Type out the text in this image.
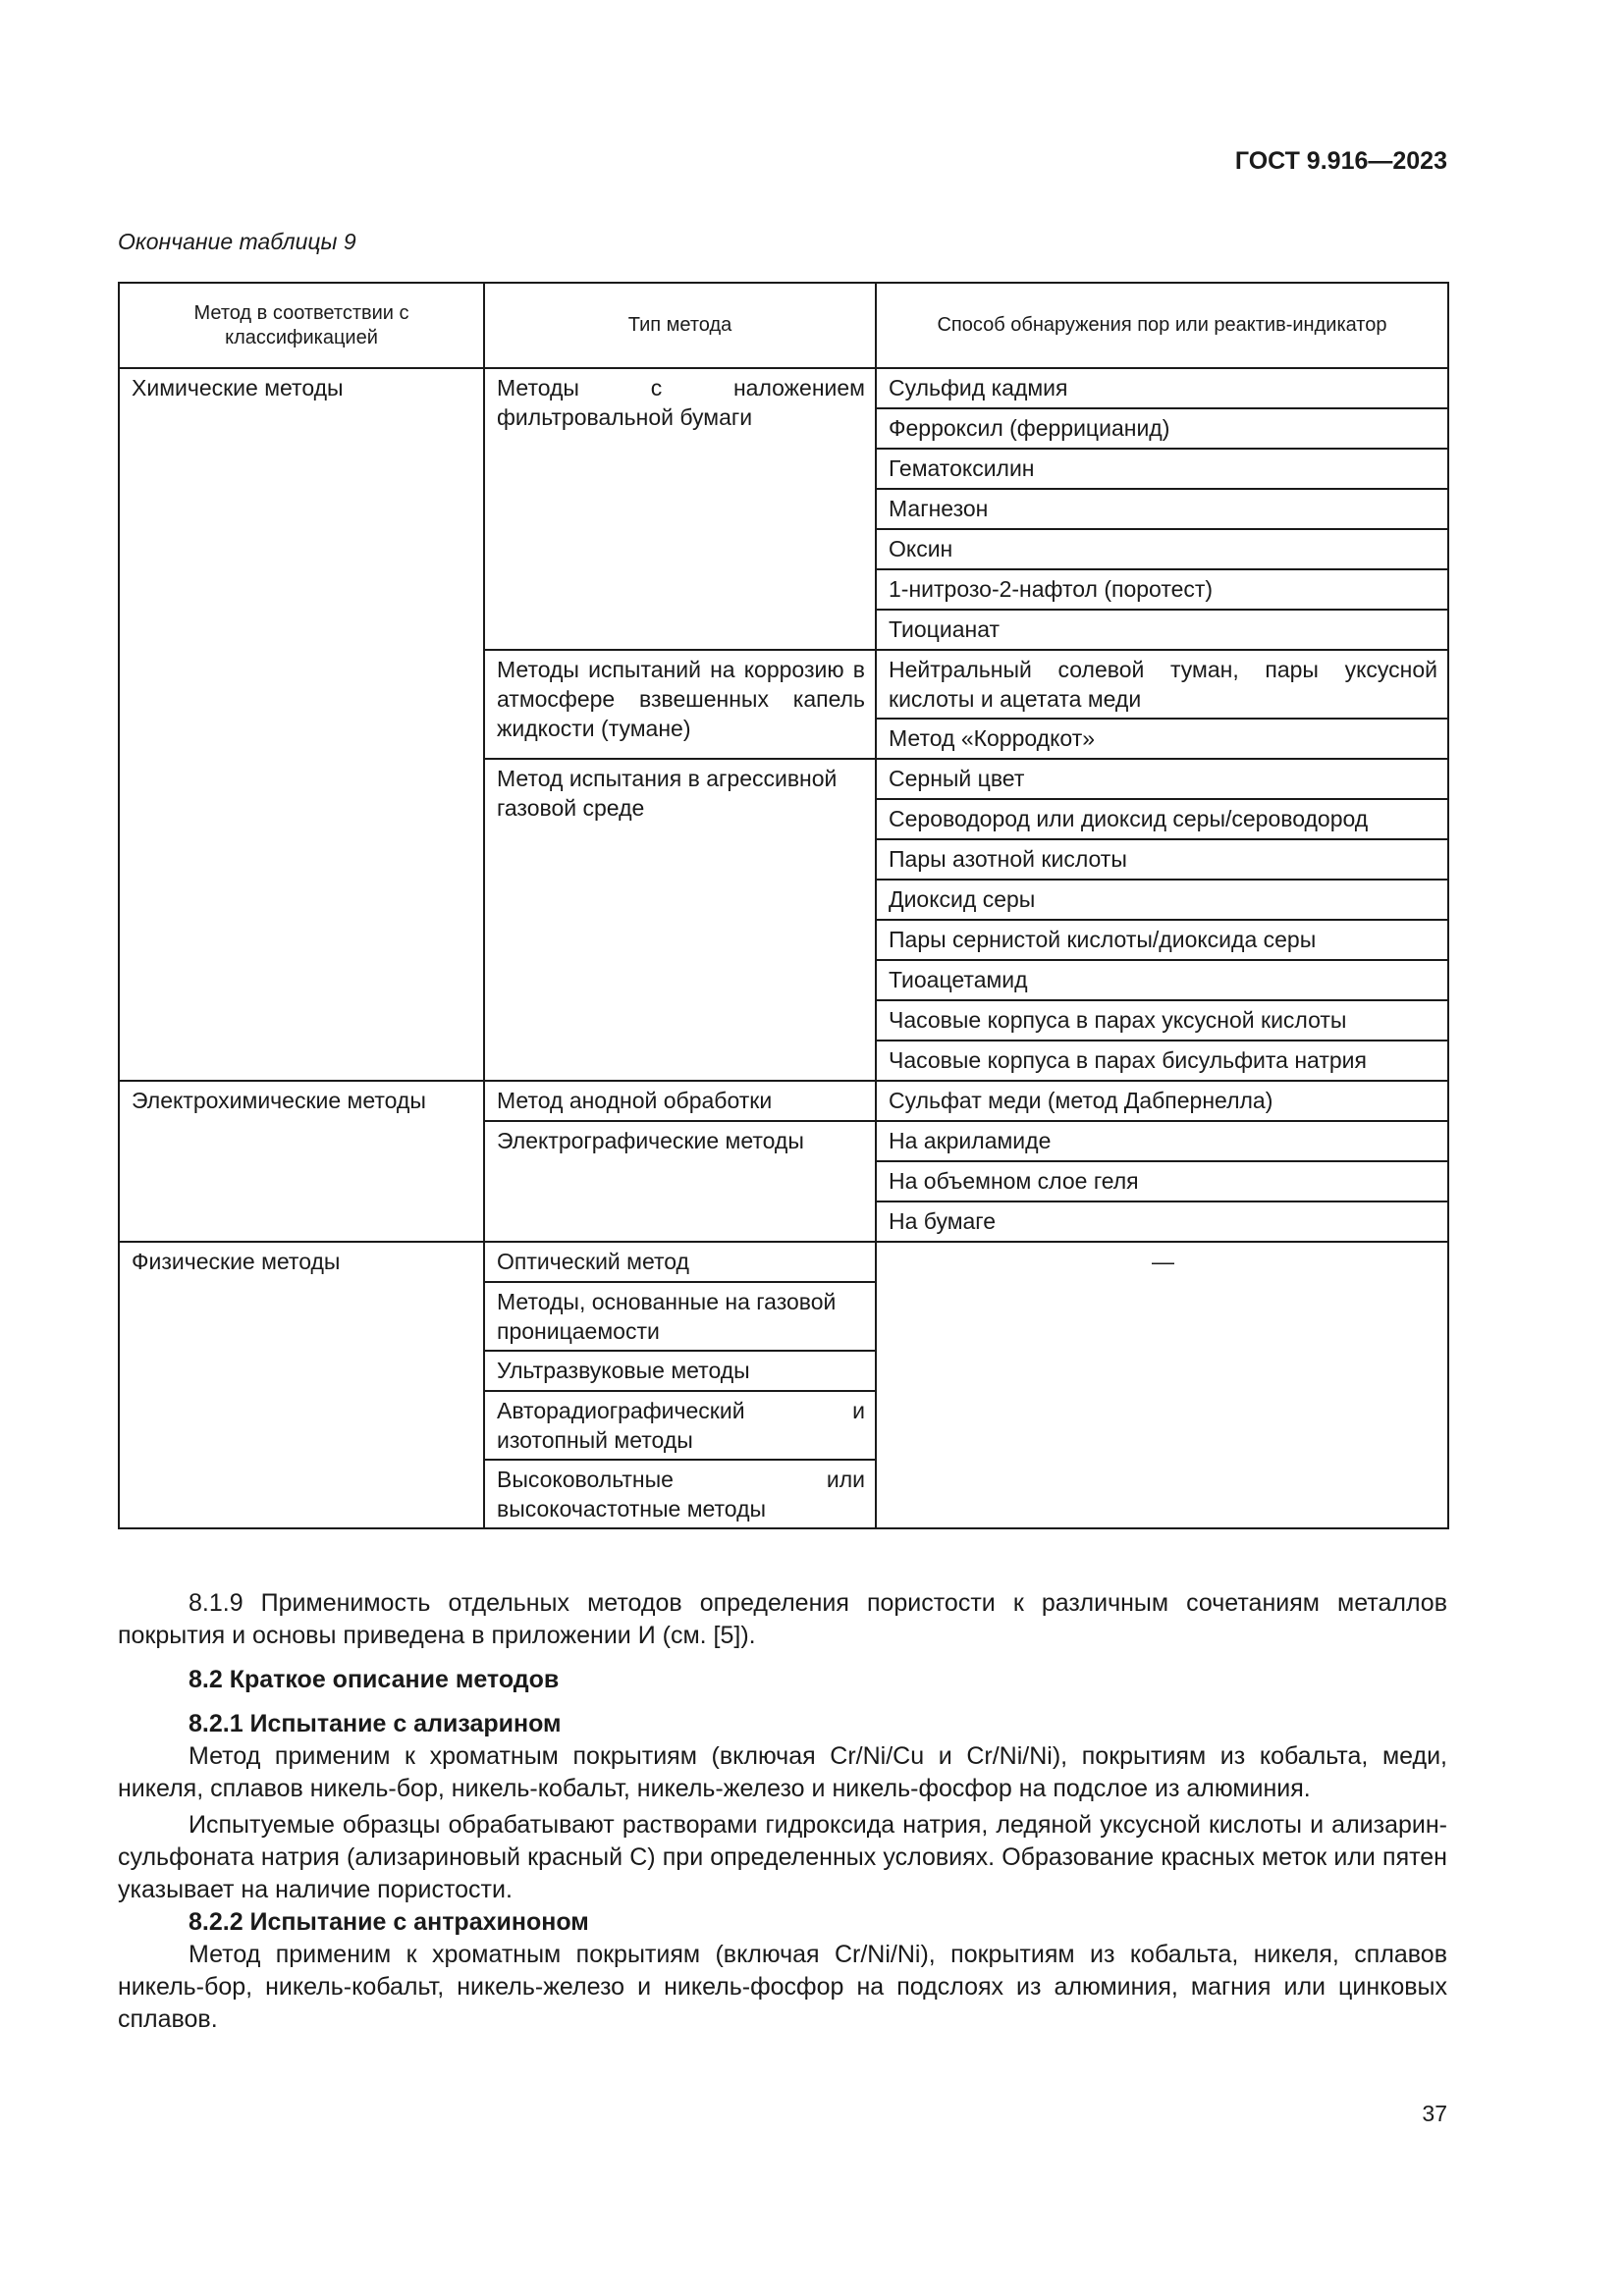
ГОСТ 9.916—2023
Окончание таблицы 9
Метод в соответствии с классификацией	Тип метода	Способ обнаружения пор или реактив-индикатор
Химические методы	Методы с наложением фильтровальной бумаги	Сульфид кадмия
		Ферроксил (феррицианид)
		Гематоксилин
		Магнезон
		Оксин
		1-нитрозо-2-нафтол (поротест)
		Тиоцианат
	Методы испытаний на коррозию в атмосфере взвешенных капель жидкости (тумане)	Нейтральный солевой туман, пары уксусной кислоты и ацетата меди
		Метод «Корродкот»
	Метод испытания в агрессивной газовой среде	Серный цвет
		Сероводород или диоксид серы/сероводород
		Пары азотной кислоты
		Диоксид серы
		Пары сернистой кислоты/диоксида серы
		Тиоацетамид
		Часовые корпуса в парах уксусной кислоты
		Часовые корпуса в парах бисульфита натрия
Электрохимические методы	Метод анодной обработки	Сульфат меди (метод Дабпернелла)
	Электрографические методы	На акриламиде
		На объемном слое геля
		На бумаге
Физические методы	Оптический метод	—
	Методы, основанные на газовой проницаемости	
	Ультразвуковые методы	
	Авторадиографический и изотопный методы	
	Высоковольтные или высокочастотные методы	

8.1.9 Применимость отдельных методов определения пористости к различным сочетаниям металлов покрытия и основы приведена в приложении И (см. [5]).

8.2 Краткое описание методов

8.2.1 Испытание с ализарином

Метод применим к хроматным покрытиям (включая Cr/Ni/Cu и Cr/Ni/Ni), покрытиям из кобальта, меди, никеля, сплавов никель-бор, никель-кобальт, никель-железо и никель-фосфор на подслое из алюминия.

Испытуемые образцы обрабатывают растворами гидроксида натрия, ледяной уксусной кислоты и ализарин-сульфоната натрия (ализариновый красный С) при определенных условиях. Образование красных меток или пятен указывает на наличие пористости.

8.2.2 Испытание с антрахиноном

Метод применим к хроматным покрытиям (включая Cr/Ni/Ni), покрытиям из кобальта, никеля, сплавов никель-бор, никель-кобальт, никель-железо и никель-фосфор на подслоях из алюминия, магния или цинковых сплавов.

37
